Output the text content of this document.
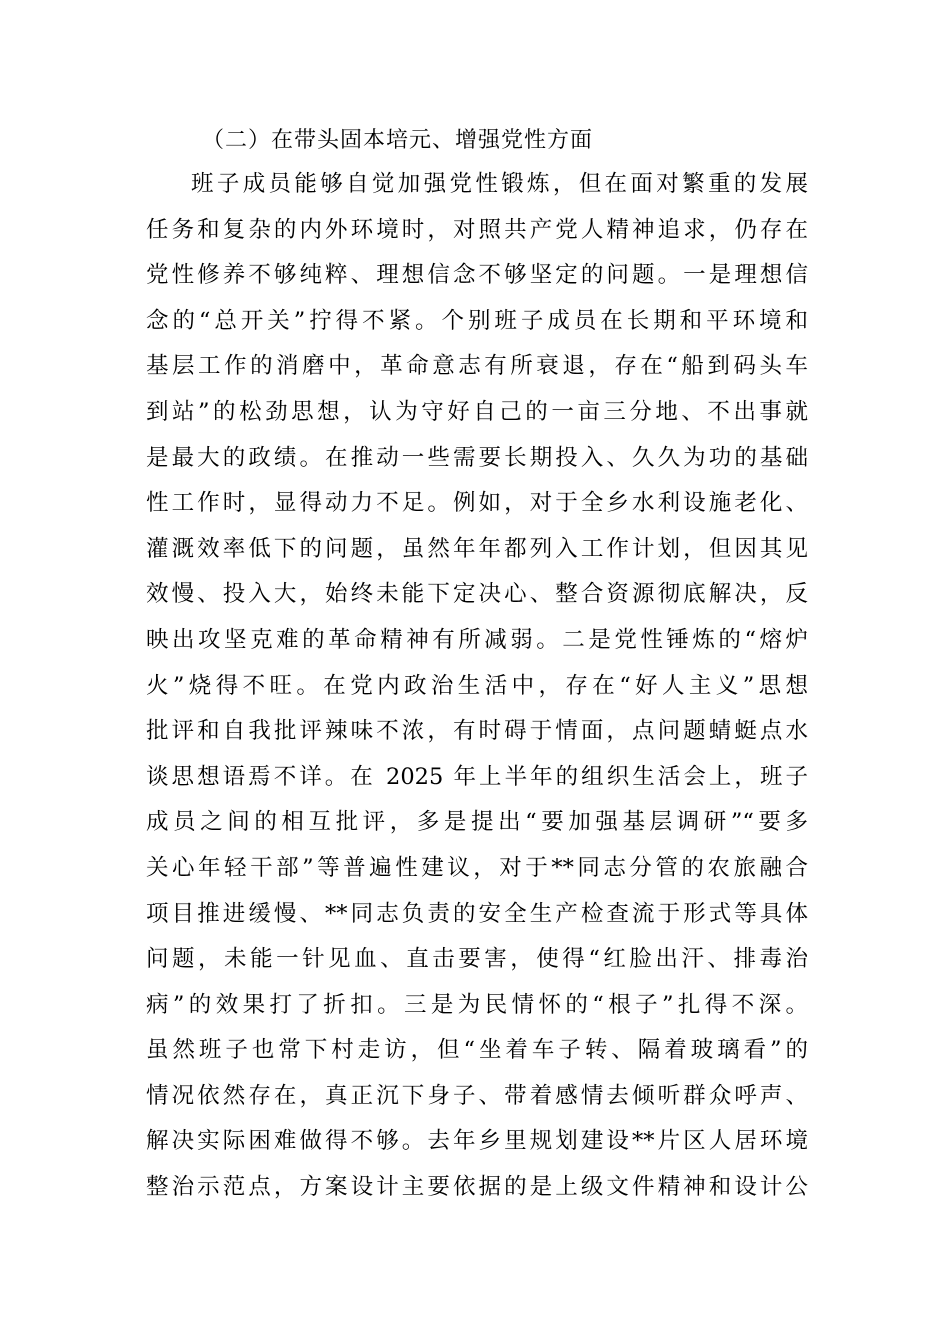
（二）在带头固本培元、增强党性方面
班子成员能够自觉加强党性锻炼，但在面对繁重的发展
任务和复杂的内外环境时，对照共产党人精神追求，仍存在
党性修养不够纯粹、理想信念不够坚定的问题。一是理想信
念的“总开关”拧得不紧。个别班子成员在长期和平环境和
基层工作的消磨中，革命意志有所衰退，存在“船到码头车
到站”的松劲思想，认为守好自己的一亩三分地、不出事就
是最大的政绩。在推动一些需要长期投入、久久为功的基础
性工作时，显得动力不足。例如，对于全乡水利设施老化、
灌溉效率低下的问题，虽然年年都列入工作计划，但因其见
效慢、投入大，始终未能下定决心、整合资源彻底解决，反
映出攻坚克难的革命精神有所减弱。二是党性锤炼的“熔炉
火”烧得不旺。在党内政治生活中，存在“好人主义”思想
批评和自我批评辣味不浓，有时碍于情面，点问题蜻蜓点水
谈思想语焉不详。在 2025 年上半年的组织生活会上，班子
成员之间的相互批评，多是提出“要加强基层调研”“要多
关心年轻干部”等普遍性建议，对于**同志分管的农旅融合
项目推进缓慢、**同志负责的安全生产检查流于形式等具体
问题，未能一针见血、直击要害，使得“红脸出汗、排毒治
病”的效果打了折扣。三是为民情怀的“根子”扎得不深。
虽然班子也常下村走访，但“坐着车子转、隔着玻璃看”的
情况依然存在，真正沉下身子、带着感情去倾听群众呼声、
解决实际困难做得不够。去年乡里规划建设**片区人居环境
整治示范点，方案设计主要依据的是上级文件精神和设计公
